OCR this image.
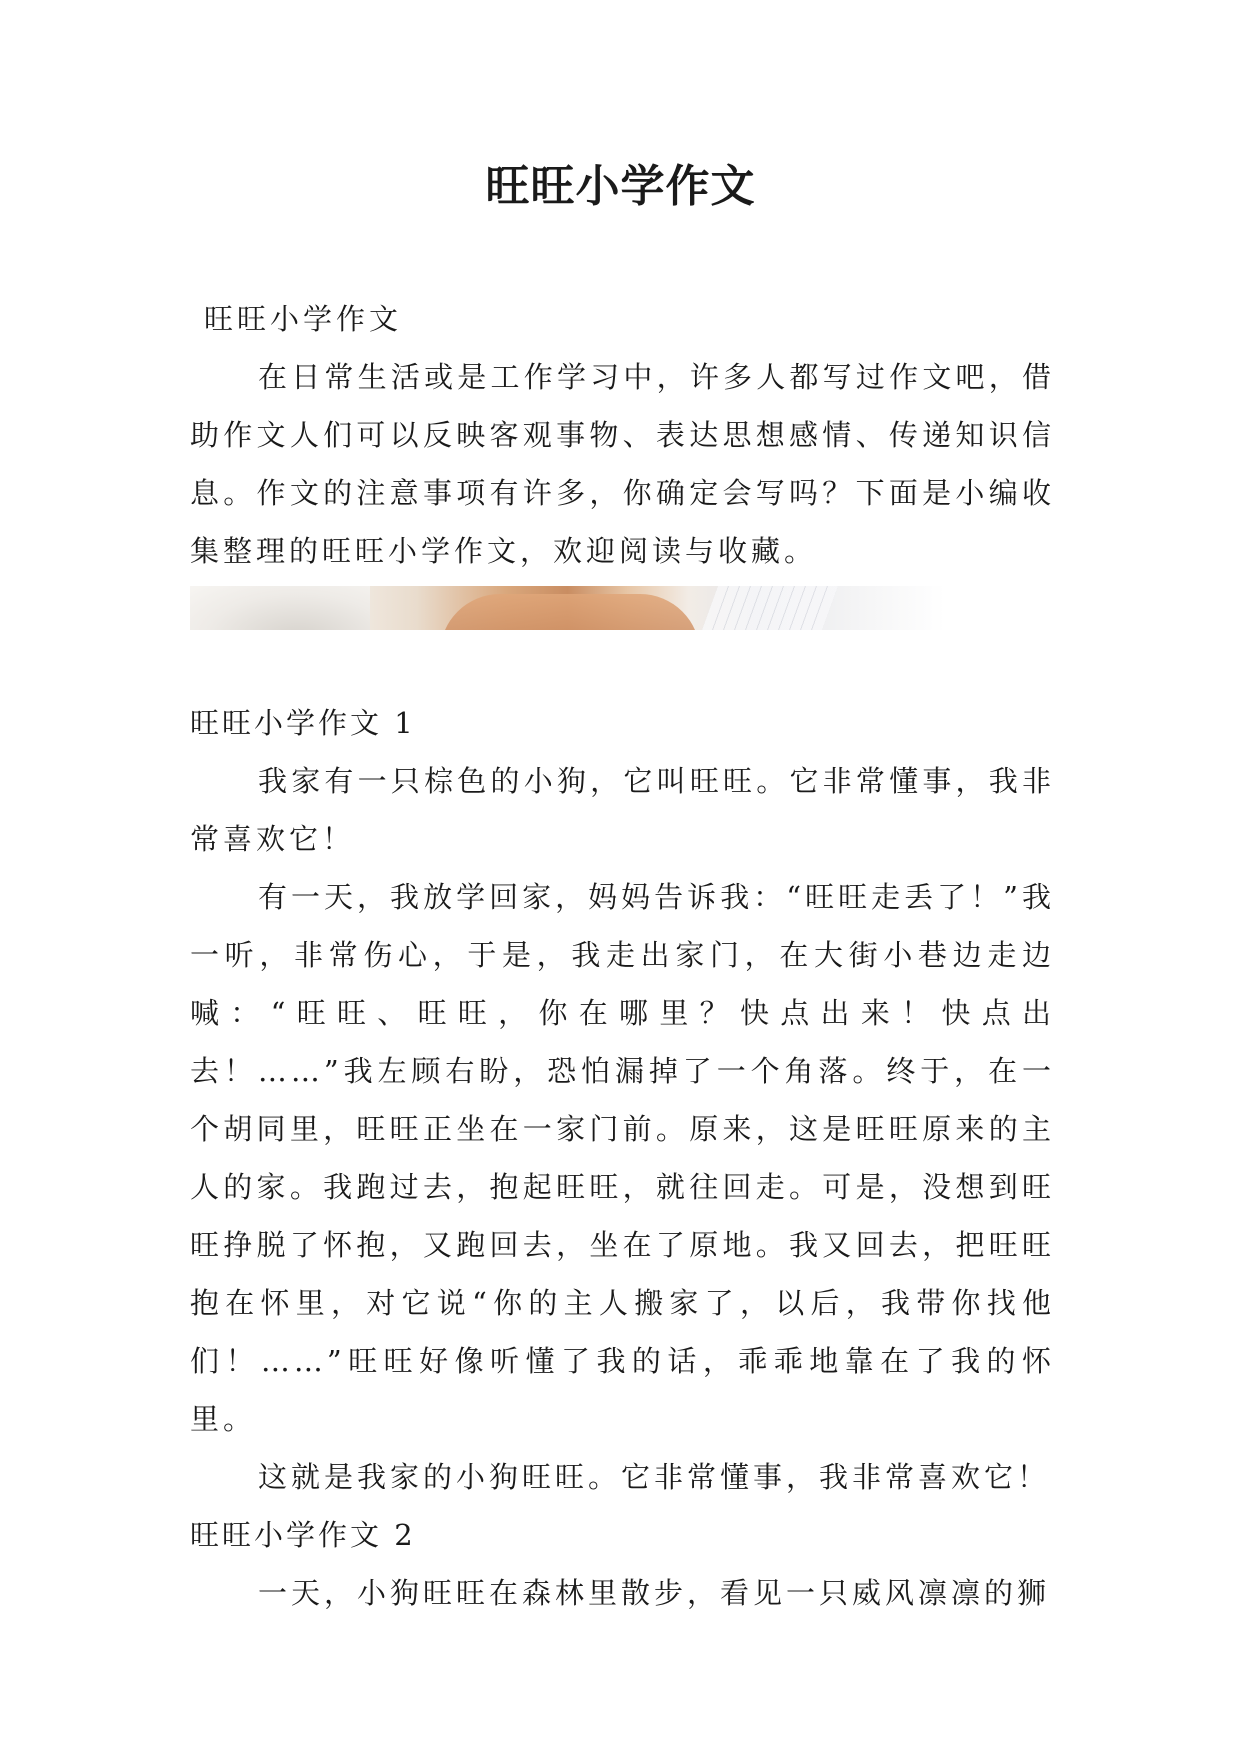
旺旺小学作文

旺旺小学作文

在日常生活或是工作学习中，许多人都写过作文吧，借助作文人们可以反映客观事物、表达思想感情、传递知识信息。作文的注意事项有许多，你确定会写吗？下面是小编收集整理的旺旺小学作文，欢迎阅读与收藏。

旺旺小学作文 1

我家有一只棕色的小狗，它叫旺旺。它非常懂事，我非常喜欢它！

有一天，我放学回家，妈妈告诉我：“旺旺走丢了！”我一听，非常伤心，于是，我走出家门，在大街小巷边走边喊：“旺旺、旺旺，你在哪里？快点出来！快点出去！……”我左顾右盼，恐怕漏掉了一个角落。终于，在一个胡同里，旺旺正坐在一家门前。原来，这是旺旺原来的主人的家。我跑过去，抱起旺旺，就往回走。可是，没想到旺旺挣脱了怀抱，又跑回去，坐在了原地。我又回去，把旺旺抱在怀里，对它说“你的主人搬家了，以后，我带你找他们！……”旺旺好像听懂了我的话，乖乖地靠在了我的怀里。

这就是我家的小狗旺旺。它非常懂事，我非常喜欢它！

旺旺小学作文 2

一天，小狗旺旺在森林里散步，看见一只威风凛凛的狮
